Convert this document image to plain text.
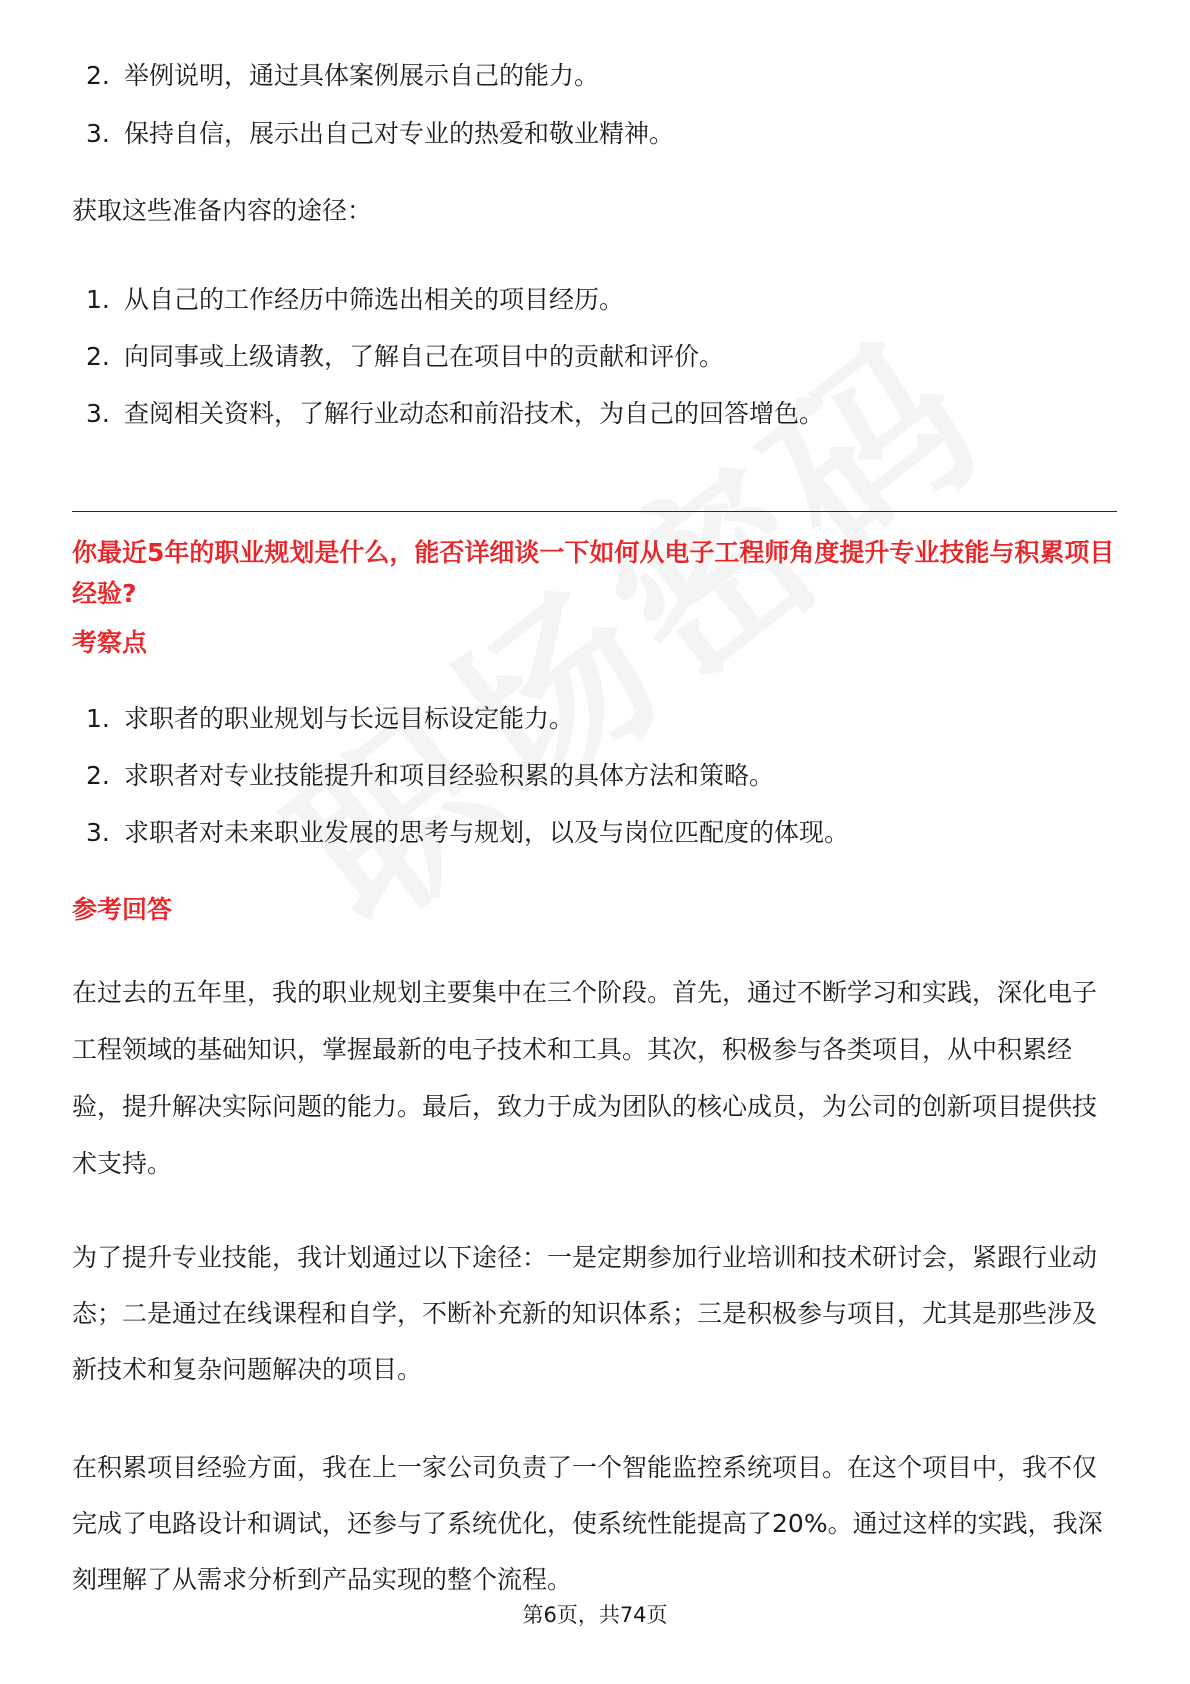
2. 举例说明，通过具体案例展示自己的能力。
3. 保持自信，展示出自己对专业的热爱和敬业精神。

获取这些准备内容的途径：

1. 从自己的工作经历中筛选出相关的项目经历。
2. 向同事或上级请教，了解自己在项目中的贡献和评价。
3. 查阅相关资料，了解行业动态和前沿技术，为自己的回答增色。
你最近5年的职业规划是什么，能否详细谈一下如何从电子工程师角度提升专业技能与积累项目经验?
考察点
1. 求职者的职业规划与长远目标设定能力。
2. 求职者对专业技能提升和项目经验积累的具体方法和策略。
3. 求职者对未来职业发展的思考与规划，以及与岗位匹配度的体现。
参考回答

在过去的五年里，我的职业规划主要集中在三个阶段。首先，通过不断学习和实践，深化电子工程领域的基础知识，掌握最新的电子技术和工具。其次，积极参与各类项目，从中积累经验，提升解决实际问题的能力。最后，致力于成为团队的核心成员，为公司的创新项目提供技术支持。

为了提升专业技能，我计划通过以下途径：一是定期参加行业培训和技术研讨会，紧跟行业动态；二是通过在线课程和自学，不断补充新的知识体系；三是积极参与项目，尤其是那些涉及新技术和复杂问题解决的项目。

在积累项目经验方面，我在上一家公司负责了一个智能监控系统项目。在这个项目中，我不仅完成了电路设计和调试，还参与了系统优化，使系统性能提高了20%。通过这样的实践，我深刻理解了从需求分析到产品实现的整个流程。

第6页，共74页
